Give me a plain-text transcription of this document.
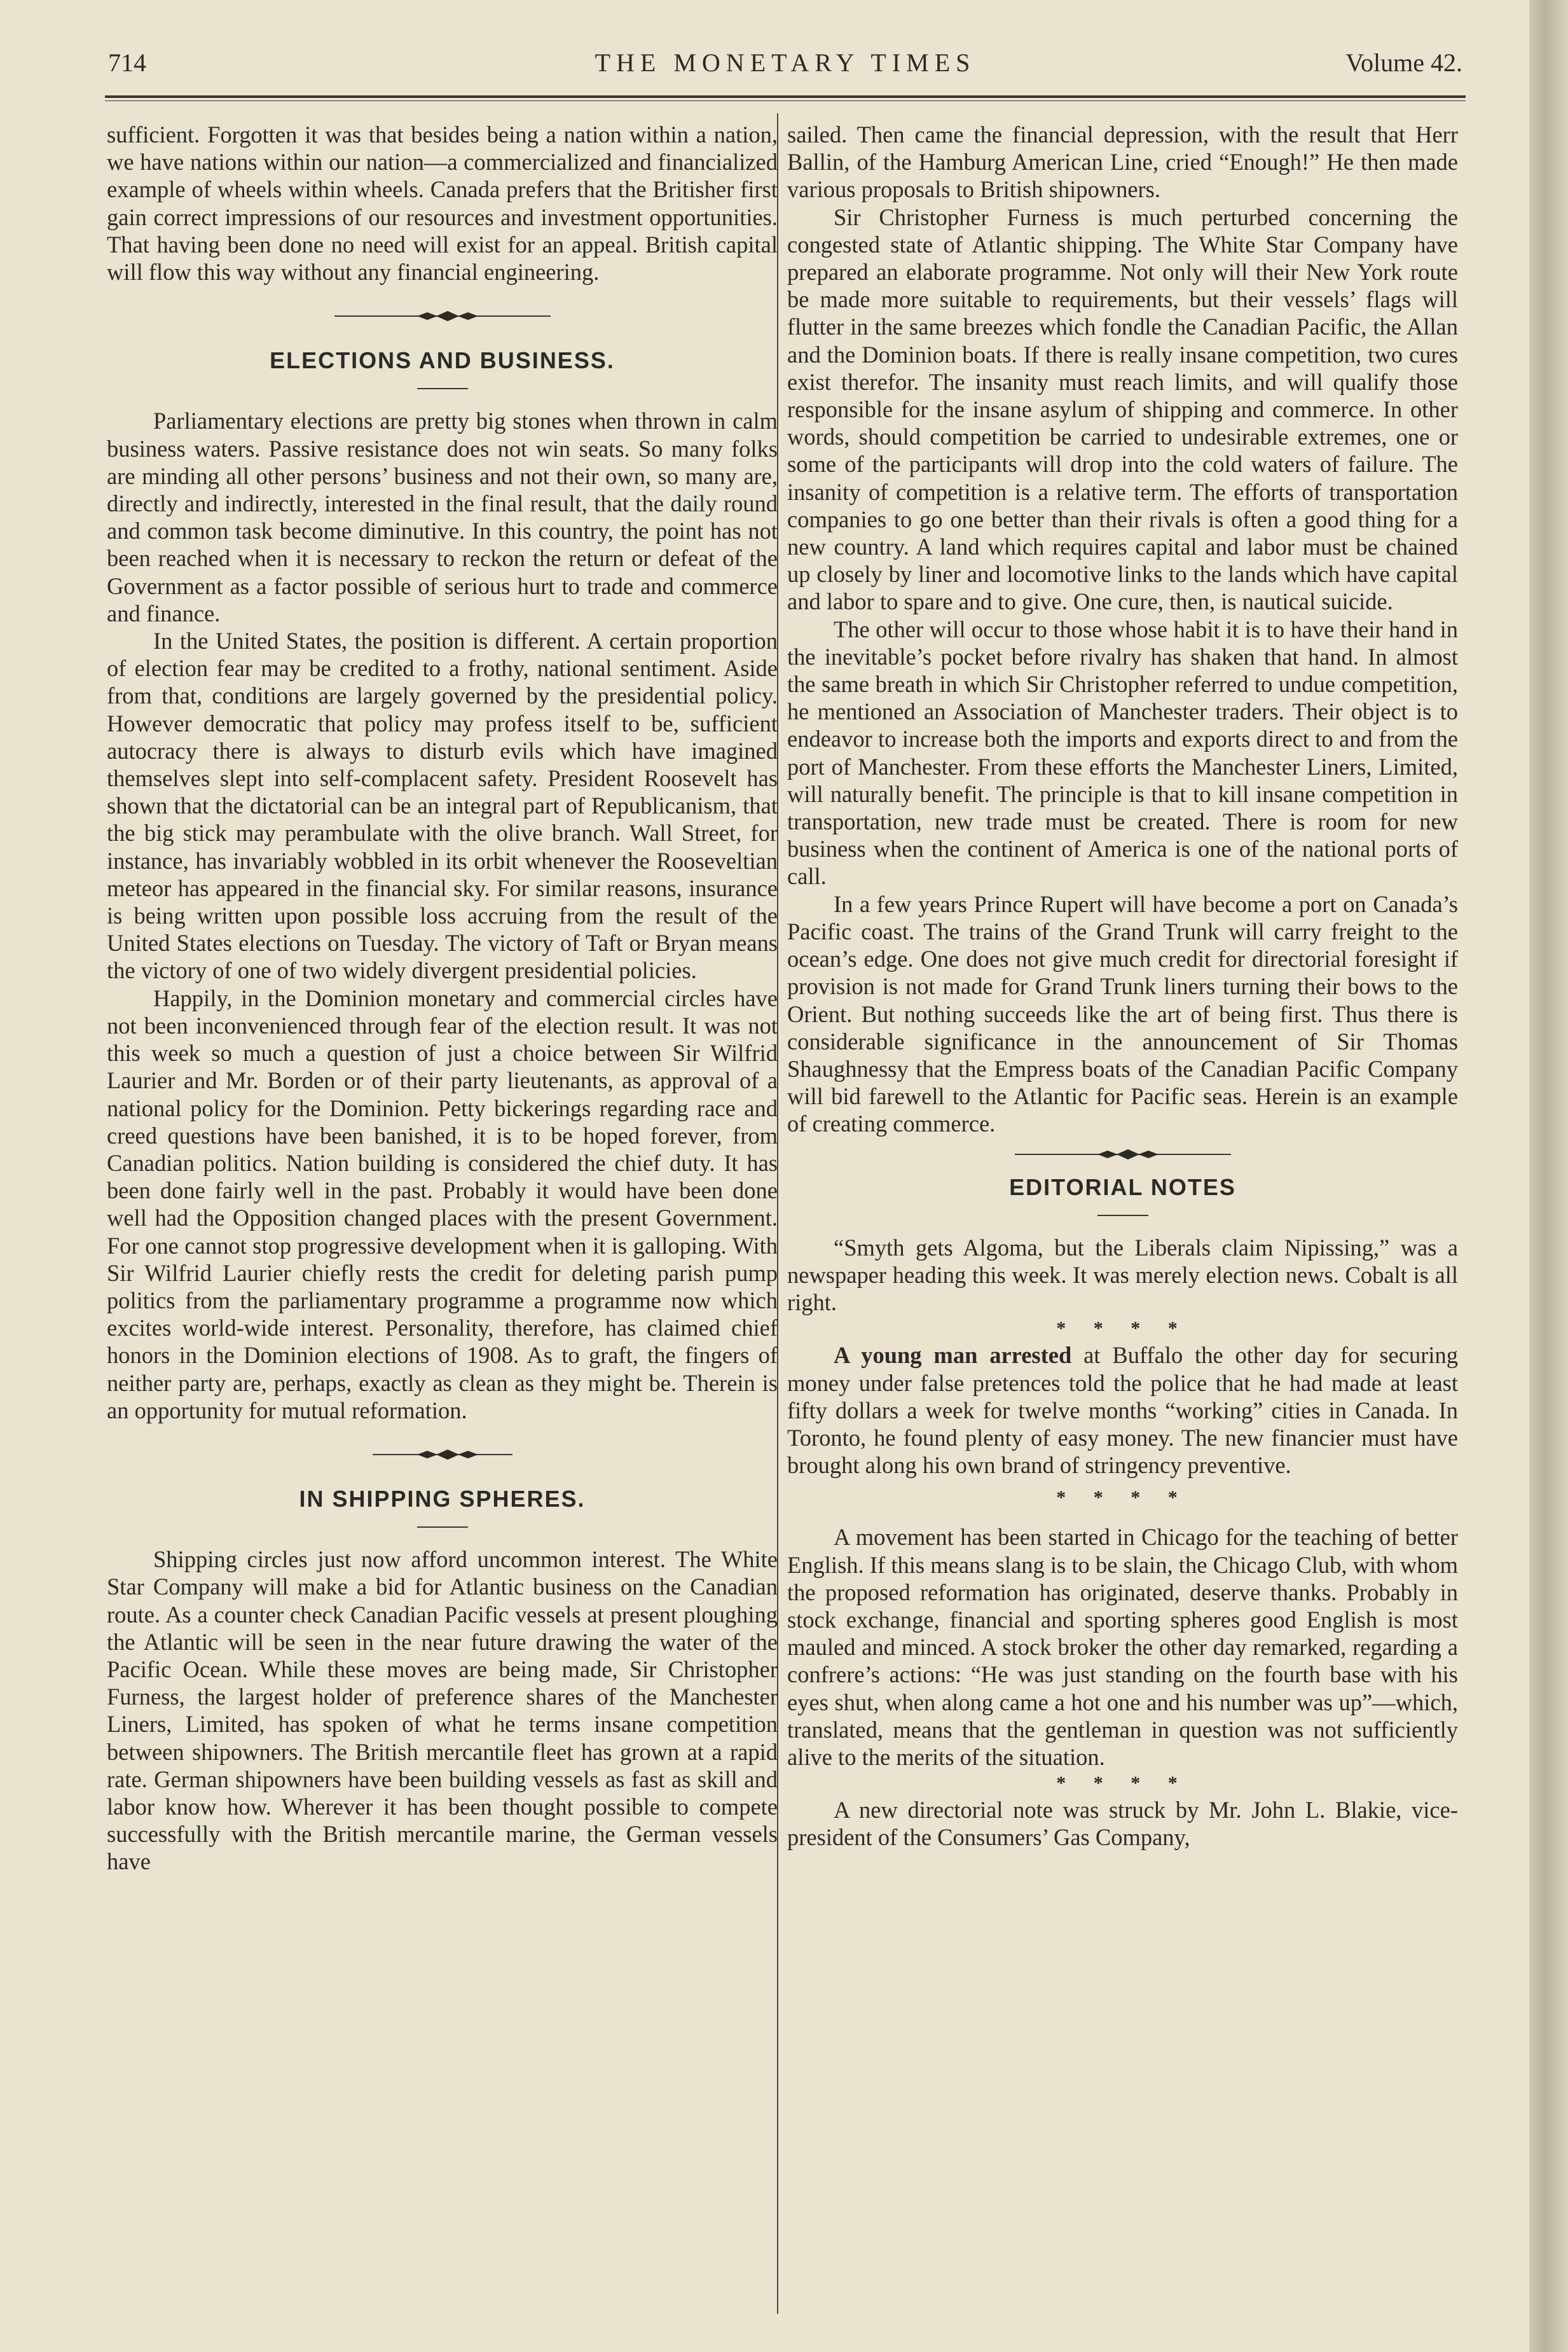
714	THE MONETARY TIMES	Volume 42.

sufficient. Forgotten it was that besides being a nation within a nation, we have nations within our nation—a commercialized and financialized example of wheels within wheels. Canada prefers that the Britisher first gain correct impressions of our resources and investment opportunities. That having been done no need will exist for an appeal. British capital will flow this way without any financial engineering.

ELECTIONS AND BUSINESS.

Parliamentary elections are pretty big stones when thrown in calm business waters. Passive resistance does not win seats. So many folks are minding all other persons’ business and not their own, so many are, directly and indirectly, interested in the final result, that the daily round and common task become diminutive. In this country, the point has not been reached when it is necessary to reckon the return or defeat of the Government as a factor possible of serious hurt to trade and commerce and finance.

In the United States, the position is different. A certain proportion of election fear may be credited to a frothy, national sentiment. Aside from that, conditions are largely governed by the presidential policy. However democratic that policy may profess itself to be, sufficient autocracy there is always to disturb evils which have imagined themselves slept into self-complacent safety. President Roosevelt has shown that the dictatorial can be an integral part of Republicanism, that the big stick may perambulate with the olive branch. Wall Street, for instance, has invariably wobbled in its orbit whenever the Rooseveltian meteor has appeared in the financial sky. For similar reasons, insurance is being written upon possible loss accruing from the result of the United States elections on Tuesday. The victory of Taft or Bryan means the victory of one of two widely divergent presidential policies.

Happily, in the Dominion monetary and commercial circles have not been inconvenienced through fear of the election result. It was not this week so much a question of just a choice between Sir Wilfrid Laurier and Mr. Borden or of their party lieutenants, as approval of a national policy for the Dominion. Petty bickerings regarding race and creed questions have been banished, it is to be hoped forever, from Canadian politics. Nation building is considered the chief duty. It has been done fairly well in the past. Probably it would have been done well had the Opposition changed places with the present Government. For one cannot stop progressive development when it is galloping. With Sir Wilfrid Laurier chiefly rests the credit for deleting parish pump politics from the parliamentary programme a programme now which excites world-wide interest. Personality, therefore, has claimed chief honors in the Dominion elections of 1908. As to graft, the fingers of neither party are, perhaps, exactly as clean as they might be. Therein is an opportunity for mutual reformation.

IN SHIPPING SPHERES.

Shipping circles just now afford uncommon interest. The White Star Company will make a bid for Atlantic business on the Canadian route. As a counter check Canadian Pacific vessels at present ploughing the Atlantic will be seen in the near future drawing the water of the Pacific Ocean. While these moves are being made, Sir Christopher Furness, the largest holder of preference shares of the Manchester Liners, Limited, has spoken of what he terms insane competition between shipowners. The British mercantile fleet has grown at a rapid rate. German shipowners have been building vessels as fast as skill and labor know how. Wherever it has been thought possible to compete successfully with the British mercantile marine, the German vessels have

sailed. Then came the financial depression, with the result that Herr Ballin, of the Hamburg American Line, cried “Enough!” He then made various proposals to British shipowners.

Sir Christopher Furness is much perturbed concerning the congested state of Atlantic shipping. The White Star Company have prepared an elaborate programme. Not only will their New York route be made more suitable to requirements, but their vessels’ flags will flutter in the same breezes which fondle the Canadian Pacific, the Allan and the Dominion boats. If there is really insane competition, two cures exist therefor. The insanity must reach limits, and will qualify those responsible for the insane asylum of shipping and commerce. In other words, should competition be carried to undesirable extremes, one or some of the participants will drop into the cold waters of failure. The insanity of competition is a relative term. The efforts of transportation companies to go one better than their rivals is often a good thing for a new country. A land which requires capital and labor must be chained up closely by liner and locomotive links to the lands which have capital and labor to spare and to give. One cure, then, is nautical suicide.

The other will occur to those whose habit it is to have their hand in the inevitable’s pocket before rivalry has shaken that hand. In almost the same breath in which Sir Christopher referred to undue competition, he mentioned an Association of Manchester traders. Their object is to endeavor to increase both the imports and exports direct to and from the port of Manchester. From these efforts the Manchester Liners, Limited, will naturally benefit. The principle is that to kill insane competition in transportation, new trade must be created. There is room for new business when the continent of America is one of the national ports of call.

In a few years Prince Rupert will have become a port on Canada’s Pacific coast. The trains of the Grand Trunk will carry freight to the ocean’s edge. One does not give much credit for directorial foresight if provision is not made for Grand Trunk liners turning their bows to the Orient. But nothing succeeds like the art of being first. Thus there is considerable significance in the announcement of Sir Thomas Shaughnessy that the Empress boats of the Canadian Pacific Company will bid farewell to the Atlantic for Pacific seas. Herein is an example of creating commerce.

EDITORIAL NOTES

“Smyth gets Algoma, but the Liberals claim Nipissing,” was a newspaper heading this week. It was merely election news. Cobalt is all right.

* * * *

A young man arrested at Buffalo the other day for securing money under false pretences told the police that he had made at least fifty dollars a week for twelve months “working” cities in Canada. In Toronto, he found plenty of easy money. The new financier must have brought along his own brand of stringency preventive.

* * * *

A movement has been started in Chicago for the teaching of better English. If this means slang is to be slain, the Chicago Club, with whom the proposed reformation has originated, deserve thanks. Probably in stock exchange, financial and sporting spheres good English is most mauled and minced. A stock broker the other day remarked, regarding a confrere’s actions: “He was just standing on the fourth base with his eyes shut, when along came a hot one and his number was up”—which, translated, means that the gentleman in question was not sufficiently alive to the merits of the situation.

* * * *

A new directorial note was struck by Mr. John L. Blakie, vice-president of the Consumers’ Gas Company,
